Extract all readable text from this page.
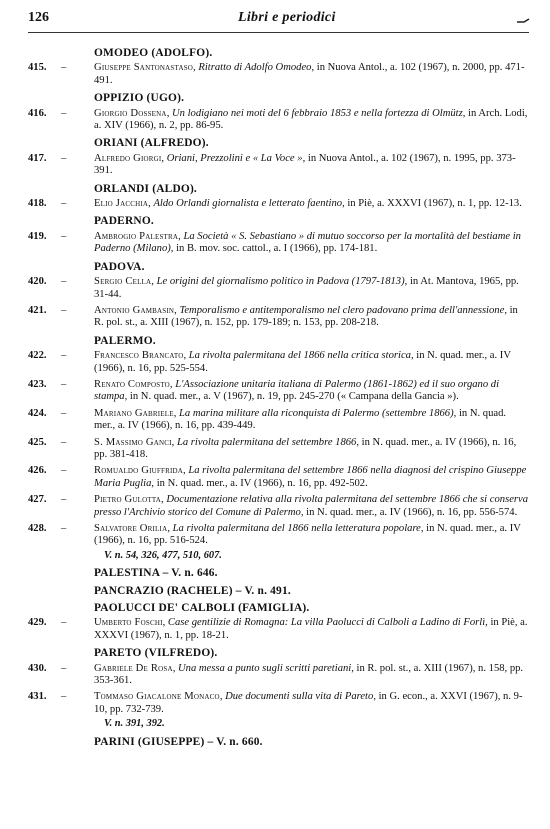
126	Libri e periodici
OMODEO (ADOLFO).
415.	–	Giuseppe Santonastaso, Ritratto di Adolfo Omodeo, in Nuova Antol., a. 102 (1967), n. 2000, pp. 471-491.
OPPIZIO (UGO).
416.	–	Giorgio Dossena, Un lodigiano nei moti del 6 febbraio 1853 e nella fortezza di Olmütz, in Arch. Lodi, a. XIV (1966), n. 2, pp. 86-95.
ORIANI (ALFREDO).
417.	–	Alfredo Giorgi, Oriani, Prezzolini e « La Voce », in Nuova Antol., a. 102 (1967), n. 1995, pp. 373-391.
ORLANDI (ALDO).
418.	–	Elio Jacchia, Aldo Orlandi giornalista e letterato faentino, in Piè, a. XXXVI (1967), n. 1, pp. 12-13.
PADERNO.
419.	–	Ambrogio Palestra, La Società « S. Sebastiano » di mutuo soccorso per la mortalità del bestiame in Paderno (Milano), in B. mov. soc. cattol., a. I (1966), pp. 174-181.
PADOVA.
420.	–	Sergio Cella, Le origini del giornalismo politico in Padova (1797-1813), in At. Mantova, 1965, pp. 31-44.
421.	–	Antonio Gambasin, Temporalismo e antitemporalismo nel clero padovano prima dell'annessione, in R. pol. st., a. XIII (1967), n. 152, pp. 179-189; n. 153, pp. 208-218.
PALERMO.
422.	–	Francesco Brancato, La rivolta palermitana del 1866 nella critica storica, in N. quad. mer., a. IV (1966), n. 16, pp. 525-554.
423.	–	Renato Composto, L'Associazione unitaria italiana di Palermo (1861-1862) ed il suo organo di stampa, in N. quad. mer., a. V (1967), n. 19, pp. 245-270 (« Campana della Gancia »).
424.	–	Mariano Gabriele, La marina militare alla riconquista di Palermo (settembre 1866), in N. quad. mer., a. IV (1966), n. 16, pp. 439-449.
425.	–	S. Massimo Ganci, La rivolta palermitana del settembre 1866, in N. quad. mer., a. IV (1966), n. 16, pp. 381-418.
426.	–	Romualdo Giuffrida, La rivolta palermitana del settembre 1866 nella diagnosi del crispino Giuseppe Maria Puglia, in N. quad. mer., a. IV (1966), n. 16, pp. 492-502.
427.	–	Pietro Gulotta, Documentazione relativa alla rivolta palermitana del settembre 1866 che si conserva presso l'Archivio storico del Comune di Palermo, in N. quad. mer., a. IV (1966), n. 16, pp. 556-574.
428.	–	Salvatore Orilia, La rivolta palermitana del 1866 nella letteratura popolare, in N. quad. mer., a. IV (1966), n. 16, pp. 516-524.
V. n. 54, 326, 477, 510, 607.
PALESTINA – V. n. 646.
PANCRAZIO (RACHELE) – V. n. 491.
PAOLUCCI DE' CALBOLI (FAMIGLIA).
429.	–	Umberto Foschi, Case gentilizie di Romagna: La villa Paolucci di Calboli a Ladino di Forlì, in Piè, a. XXXVI (1967), n. 1, pp. 18-21.
PARETO (VILFREDO).
430.	–	Gabriele De Rosa, Una messa a punto sugli scritti paretiani, in R. pol. st., a. XIII (1967), n. 158, pp. 353-361.
431.	–	Tommaso Giacalone Monaco, Due documenti sulla vita di Pareto, in G. econ., a. XXVI (1967), n. 9-10, pp. 732-739.
V. n. 391, 392.
PARINI (GIUSEPPE) – V. n. 660.
